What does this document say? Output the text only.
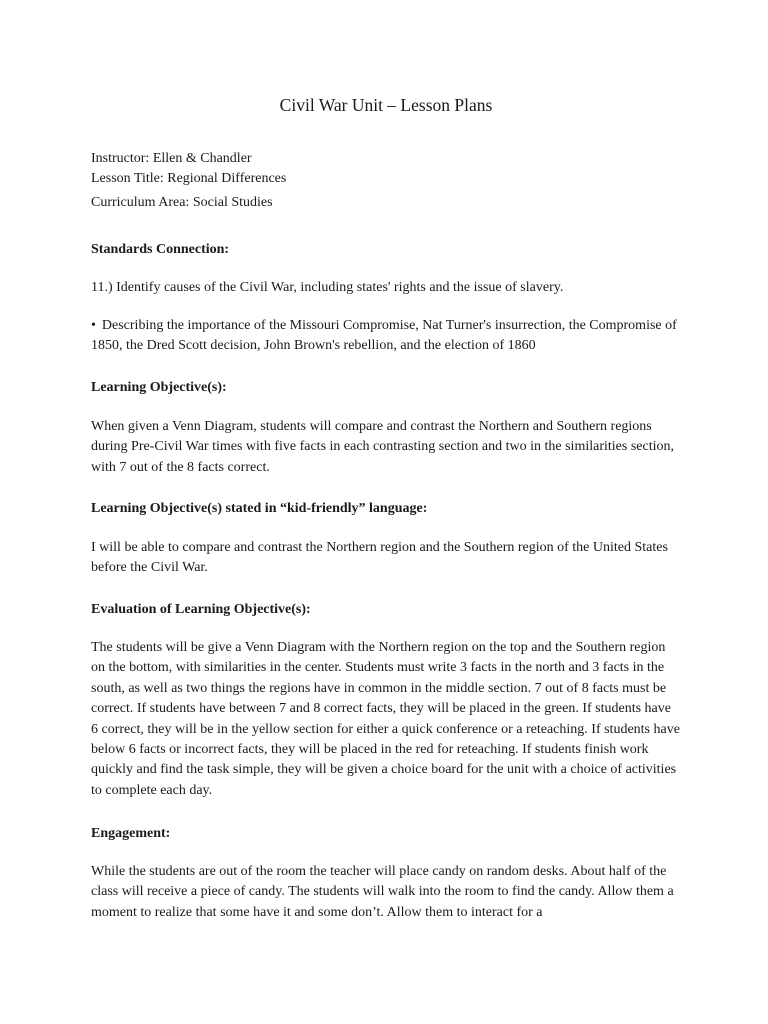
Civil War Unit – Lesson Plans

Instructor: Ellen & Chandler

Lesson Title: Regional Differences

Curriculum Area: Social Studies

Standards Connection:

11.) Identify causes of the Civil War, including states' rights and the issue of slavery.

• Describing the importance of the Missouri Compromise, Nat Turner's insurrection, the Compromise of 1850, the Dred Scott decision, John Brown's rebellion, and the election of 1860

Learning Objective(s):

When given a Venn Diagram, students will compare and contrast the Northern and Southern regions during Pre-Civil War times with five facts in each contrasting section and two in the similarities section, with 7 out of the 8 facts correct.

Learning Objective(s) stated in “kid-friendly” language:

I will be able to compare and contrast the Northern region and the Southern region of the United States before the Civil War.

Evaluation of Learning Objective(s):

The students will be give a Venn Diagram with the Northern region on the top and the Southern region on the bottom, with similarities in the center. Students must write 3 facts in the north and 3 facts in the south, as well as two things the regions have in common in the middle section. 7 out of 8 facts must be correct. If students have between 7 and 8 correct facts, they will be placed in the green. If students have 6 correct, they will be in the yellow section for either a quick conference or a reteaching. If students have below 6 facts or incorrect facts, they will be placed in the red for reteaching. If students finish work quickly and find the task simple, they will be given a choice board for the unit with a choice of activities to complete each day.

Engagement:

While the students are out of the room the teacher will place candy on random desks. About half of the class will receive a piece of candy. The students will walk into the room to find the candy. Allow them a moment to realize that some have it and some don’t. Allow them to interact for a
